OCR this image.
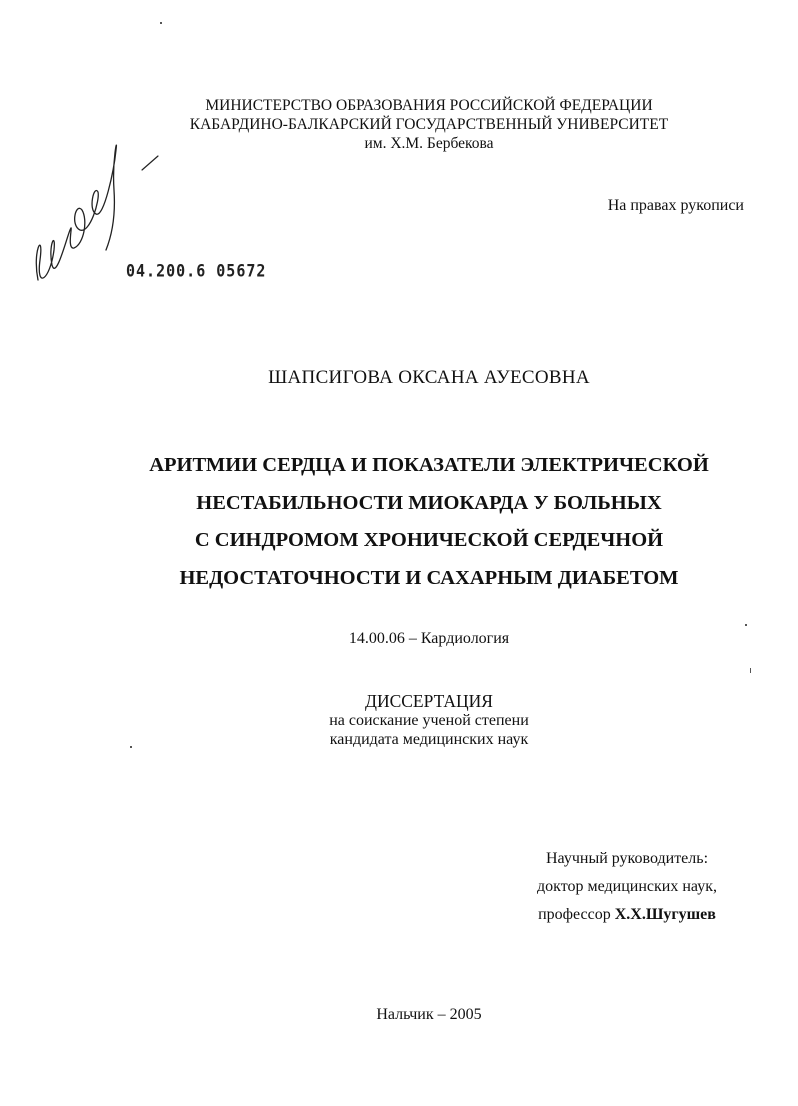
МИНИСТЕРСТВО ОБРАЗОВАНИЯ РОССИЙСКОЙ ФЕДЕРАЦИИ
КАБАРДИНО-БАЛКАРСКИЙ ГОСУДАРСТВЕННЫЙ УНИВЕРСИТЕТ
им. Х.М. Бербекова
На правах рукописи
04.200.6 05672
ШАПСИГОВА ОКСАНА АУЕСОВНА
АРИТМИИ СЕРДЦА И ПОКАЗАТЕЛИ ЭЛЕКТРИЧЕСКОЙ
НЕСТАБИЛЬНОСТИ МИОКАРДА У БОЛЬНЫХ
С СИНДРОМОМ ХРОНИЧЕСКОЙ СЕРДЕЧНОЙ
НЕДОСТАТОЧНОСТИ И САХАРНЫМ ДИАБЕТОМ
14.00.06 – Кардиология
ДИССЕРТАЦИЯ
на соискание ученой степени
кандидата медицинских наук
Научный руководитель:
доктор медицинских наук,
профессор Х.Х.Шугушев
Нальчик – 2005
